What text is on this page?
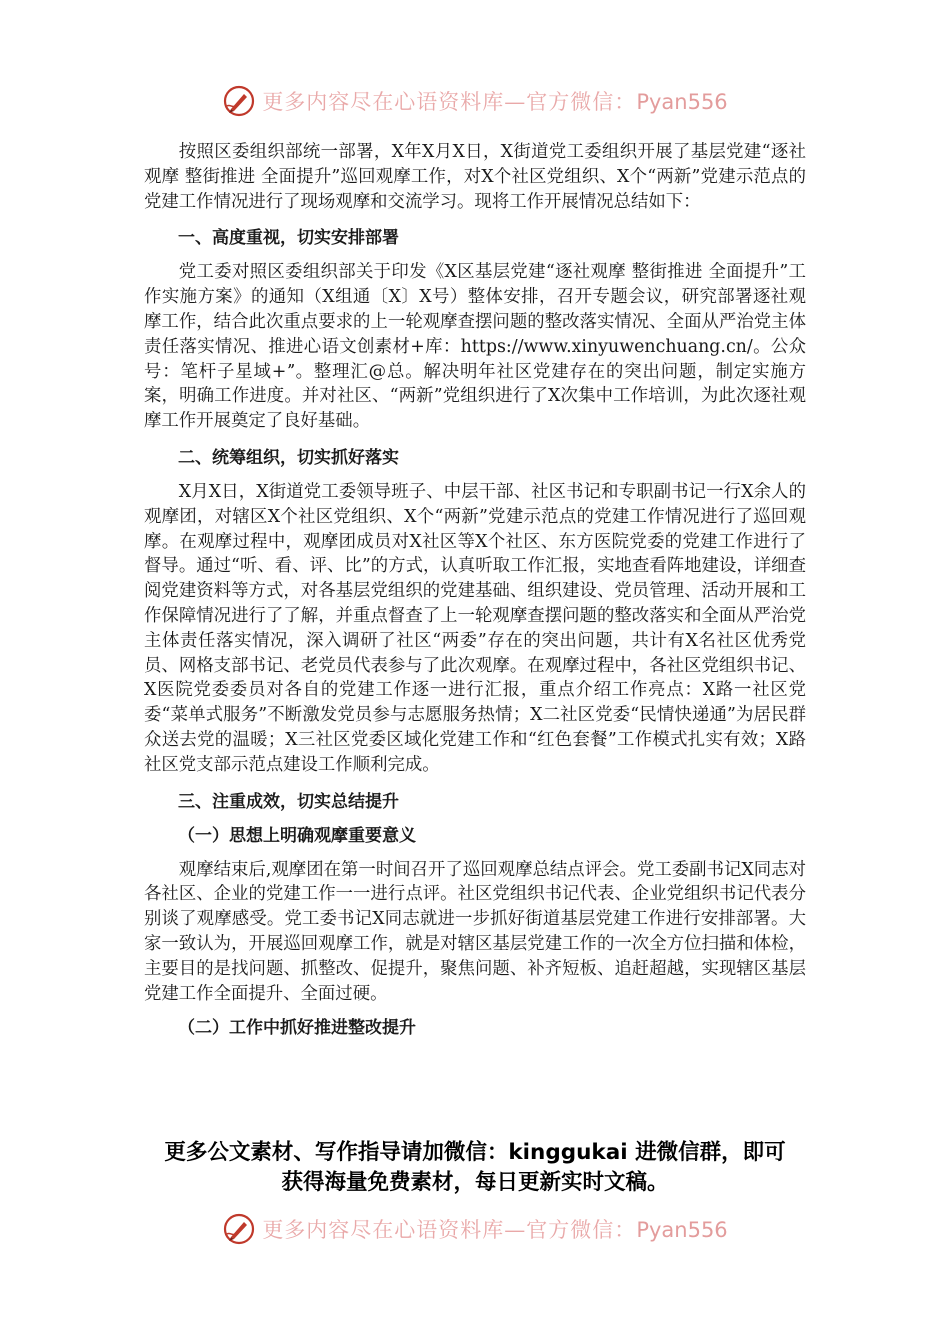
更多内容尽在心语资料库—官方微信：Pyan556

按照区委组织部统一部署，X年X月X日，X街道党工委组织开展了基层党建“逐社观摩 整街推进 全面提升”巡回观摩工作，对X个社区党组织、X个“两新”党建示范点的党建工作情况进行了现场观摩和交流学习。现将工作开展情况总结如下：

一、高度重视，切实安排部署

党工委对照区委组织部关于印发《X区基层党建“逐社观摩 整街推进 全面提升”工作实施方案》的通知（X组通〔X〕X号）整体安排，召开专题会议，研究部署逐社观摩工作，结合此次重点要求的上一轮观摩查摆问题的整改落实情况、全面从严治党主体责任落实情况、推进心语文创素材+库：https://www.xinyuwenchuang.cn/。公众号：笔杆子星域+ˮ。整理汇@总。解决明年社区党建存在的突出问题，制定实施方案，明确工作进度。并对社区、“两新”党组织进行了X次集中工作培训，为此次逐社观摩工作开展奠定了良好基础。

二、统筹组织，切实抓好落实

X月X日，X街道党工委领导班子、中层干部、社区书记和专职副书记一行X余人的观摩团，对辖区X个社区党组织、X个“两新”党建示范点的党建工作情况进行了巡回观摩。在观摩过程中，观摩团成员对X社区等X个社区、东方医院党委的党建工作进行了督导。通过“听、看、评、比”的方式，认真听取工作汇报，实地查看阵地建设，详细查阅党建资料等方式，对各基层党组织的党建基础、组织建设、党员管理、活动开展和工作保障情况进行了了解，并重点督查了上一轮观摩查摆问题的整改落实和全面从严治党主体责任落实情况，深入调研了社区“两委”存在的突出问题，共计有X名社区优秀党员、网格支部书记、老党员代表参与了此次观摩。在观摩过程中，各社区党组织书记、X医院党委委员对各自的党建工作逐一进行汇报，重点介绍工作亮点：X路一社区党委“菜单式服务”不断激发党员参与志愿服务热情；X二社区党委“民情快递通”为居民群众送去党的温暖；X三社区党委区域化党建工作和“红色套餐”工作模式扎实有效；X路社区党支部示范点建设工作顺利完成。

三、注重成效，切实总结提升

（一）思想上明确观摩重要意义

观摩结束后,观摩团在第一时间召开了巡回观摩总结点评会。党工委副书记X同志对各社区、企业的党建工作一一进行点评。社区党组织书记代表、企业党组织书记代表分别谈了观摩感受。党工委书记X同志就进一步抓好街道基层党建工作进行安排部署。大家一致认为，开展巡回观摩工作，就是对辖区基层党建工作的一次全方位扫描和体检，主要目的是找问题、抓整改、促提升，聚焦问题、补齐短板、追赶超越，实现辖区基层党建工作全面提升、全面过硬。

（二）工作中抓好推进整改提升

更多公文素材、写作指导请加微信：kinggukai 进微信群，即可
获得海量免费素材，每日更新实时文稿。
更多内容尽在心语资料库—官方微信：Pyan556
